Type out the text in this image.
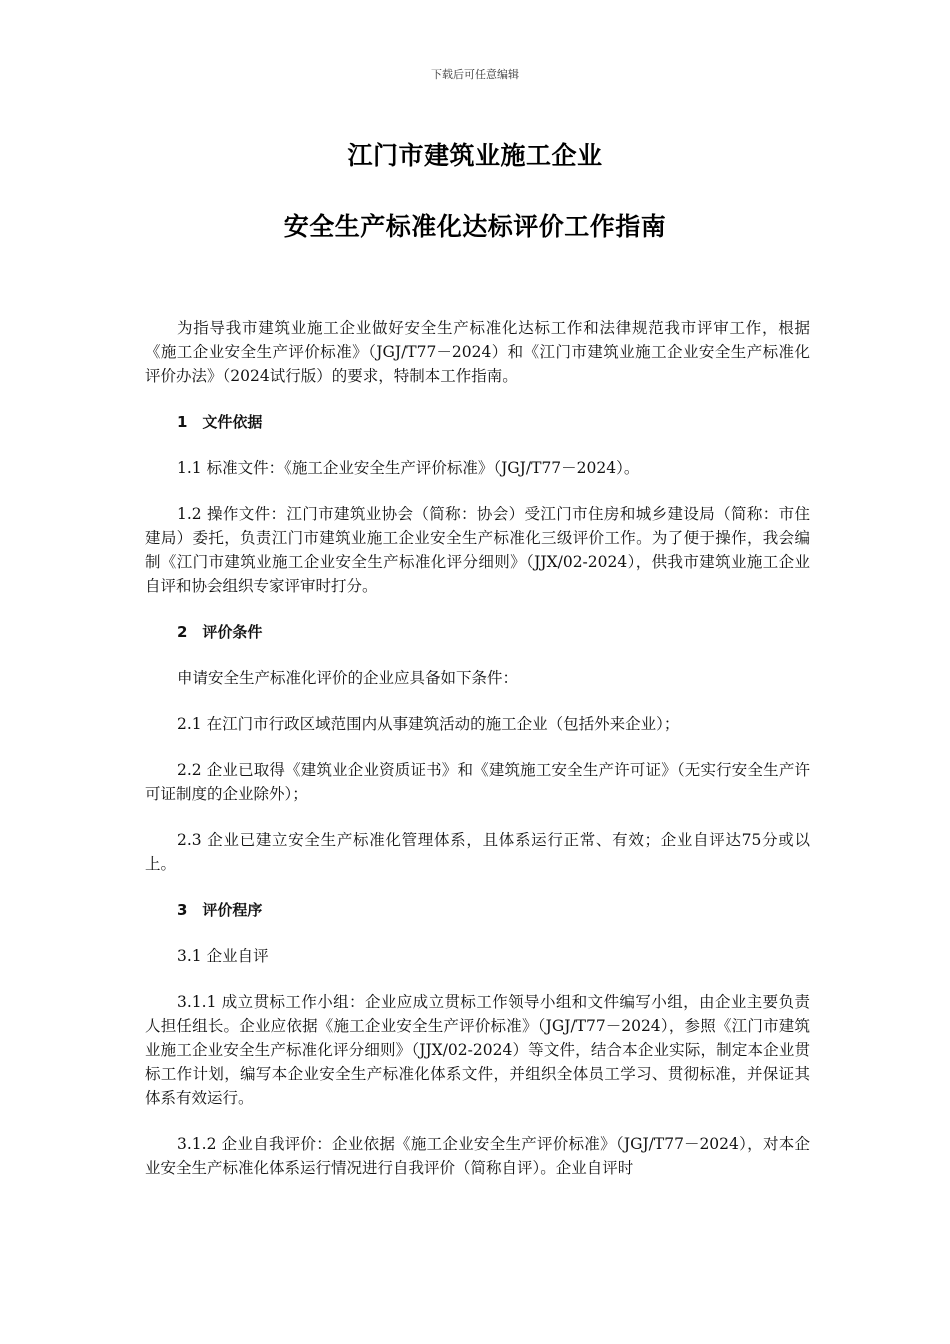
下载后可任意编辑
江门市建筑业施工企业
安全生产标准化达标评价工作指南

为指导我市建筑业施工企业做好安全生产标准化达标工作和法律规范我市评审工作，根据《施工企业安全生产评价标准》（JGJ/T77－2024）和《江门市建筑业施工企业安全生产标准化评价办法》（2024试行版）的要求，特制本工作指南。

1　文件依据

1.1 标准文件：《施工企业安全生产评价标准》（JGJ/T77－2024）。

1.2 操作文件：江门市建筑业协会（简称：协会）受江门市住房和城乡建设局（简称：市住建局）委托，负责江门市建筑业施工企业安全生产标准化三级评价工作。为了便于操作，我会编制《江门市建筑业施工企业安全生产标准化评分细则》（JJX/02-2024），供我市建筑业施工企业自评和协会组织专家评审时打分。

2　评价条件

申请安全生产标准化评价的企业应具备如下条件：

2.1 在江门市行政区域范围内从事建筑活动的施工企业（包括外来企业）；

2.2 企业已取得《建筑业企业资质证书》和《建筑施工安全生产许可证》（无实行安全生产许可证制度的企业除外）；

2.3 企业已建立安全生产标准化管理体系，且体系运行正常、有效；企业自评达75分或以上。

3　评价程序

3.1 企业自评

3.1.1 成立贯标工作小组：企业应成立贯标工作领导小组和文件编写小组，由企业主要负责人担任组长。企业应依据《施工企业安全生产评价标准》（JGJ/T77－2024），参照《江门市建筑业施工企业安全生产标准化评分细则》（JJX/02-2024）等文件，结合本企业实际，制定本企业贯标工作计划，编写本企业安全生产标准化体系文件，并组织全体员工学习、贯彻标准，并保证其体系有效运行。

3.1.2 企业自我评价：企业依据《施工企业安全生产评价标准》（JGJ/T77－2024），对本企业安全生产标准化体系运行情况进行自我评价（简称自评）。企业自评时
